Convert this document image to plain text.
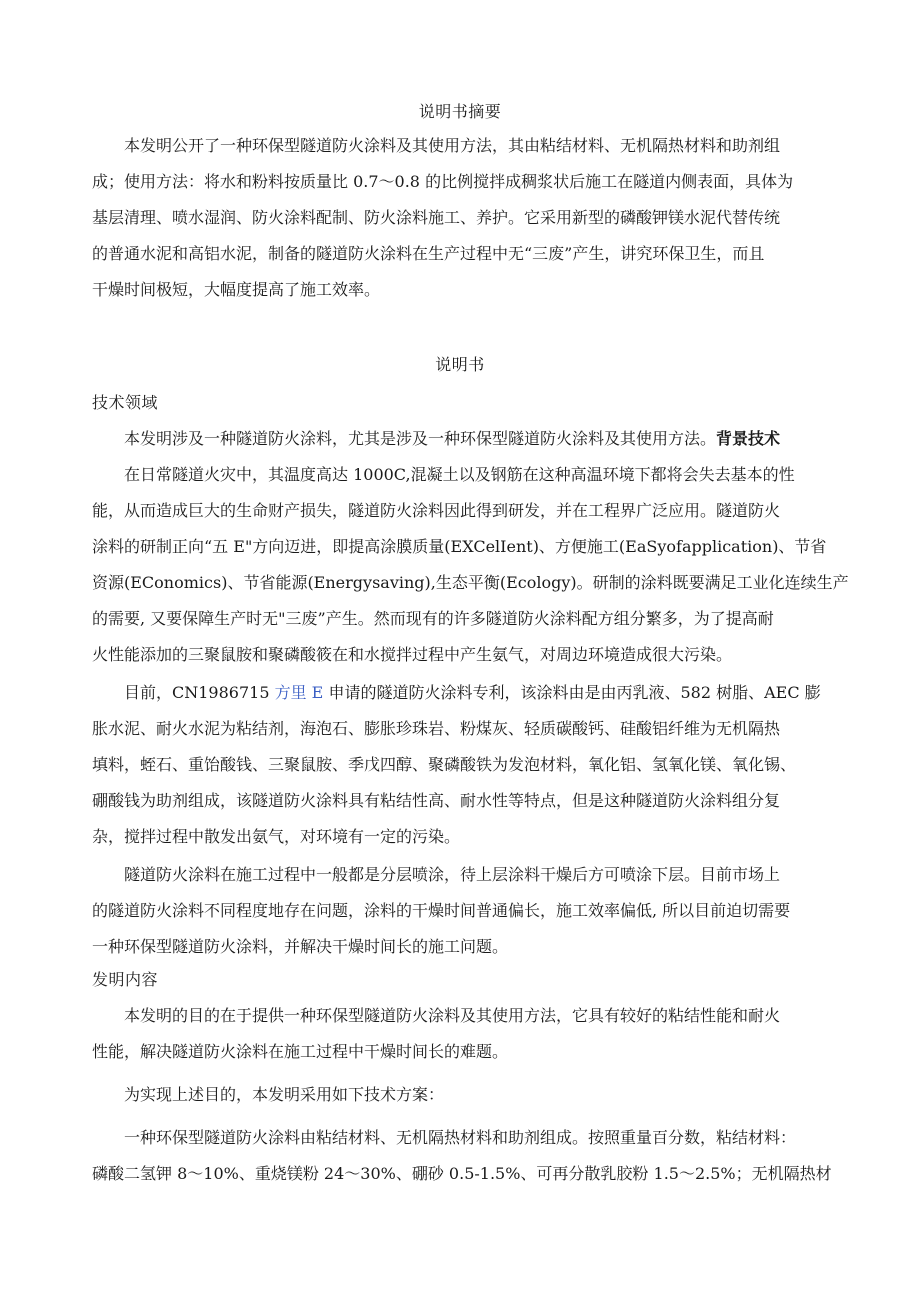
说明书摘要
　　本发明公开了一种环保型隧道防火涂料及其使用方法，其由粘结材料、无机隔热材料和助剂组
成；使用方法：将水和粉料按质量比 0.7～0.8 的比例搅拌成稠浆状后施工在隧道内侧表面，具体为
基层清理、喷水湿润、防火涂料配制、防火涂料施工、养护。它采用新型的磷酸钾镁水泥代替传统
的普通水泥和高铝水泥，制备的隧道防火涂料在生产过程中无“三废”产生，讲究环保卫生，而且
干燥时间极短，大幅度提高了施工效率。
说明书
技术领域
　　本发明涉及一种隧道防火涂料，尤其是涉及一种环保型隧道防火涂料及其使用方法。背景技术
　　在日常隧道火灾中，其温度高达 1000C,混凝土以及钢筋在这种高温环境下都将会失去基本的性
能，从而造成巨大的生命财产损失，隧道防火涂料因此得到研发，并在工程界广泛应用。隧道防火
涂料的研制正向“五 E"方向迈进，即提高涂膜质量(EXCelIent)、方便施工(EaSyofapplication)、节省
资源(EConomics)、节省能源(Energysaving),生态平衡(Ecology)。研制的涂料既要满足工业化连续生产
的需要, 又要保障生产时无"三废”产生。然而现有的许多隧道防火涂料配方组分繁多，为了提高耐
火性能添加的三聚鼠胺和聚磷酸筱在和水搅拌过程中产生氨气，对周边环境造成很大污染。
　　目前，CN1986715 方里 E 申请的隧道防火涂料专利，该涂料由是由丙乳液、582 树脂、AEC 膨
胀水泥、耐火水泥为粘结剂，海泡石、膨胀珍珠岩、粉煤灰、轻质碳酸钙、硅酸铝纤维为无机隔热
填料，蛭石、重饴酸钱、三聚鼠胺、季戊四醇、聚磷酸铁为发泡材料，氧化铝、氢氧化镁、氧化锡、
硼酸钱为助剂组成，该隧道防火涂料具有粘结性高、耐水性等特点，但是这种隧道防火涂料组分复
杂，搅拌过程中散发出氨气，对环境有一定的污染。
　　隧道防火涂料在施工过程中一般都是分层喷涂，待上层涂料干燥后方可喷涂下层。目前市场上
的隧道防火涂料不同程度地存在问题，涂料的干燥时间普通偏长，施工效率偏低, 所以目前迫切需要
一种环保型隧道防火涂料，并解决干燥时间长的施工问题。
发明内容
　　本发明的目的在于提供一种环保型隧道防火涂料及其使用方法，它具有较好的粘结性能和耐火
性能，解决隧道防火涂料在施工过程中干燥时间长的难题。
　　为实现上述目的，本发明采用如下技术方案：
　　一种环保型隧道防火涂料由粘结材料、无机隔热材料和助剂组成。按照重量百分数，粘结材料：
磷酸二氢钾 8～10%、重烧镁粉 24～30%、硼砂 0.5-1.5%、可再分散乳胶粉 1.5～2.5%；无机隔热材
